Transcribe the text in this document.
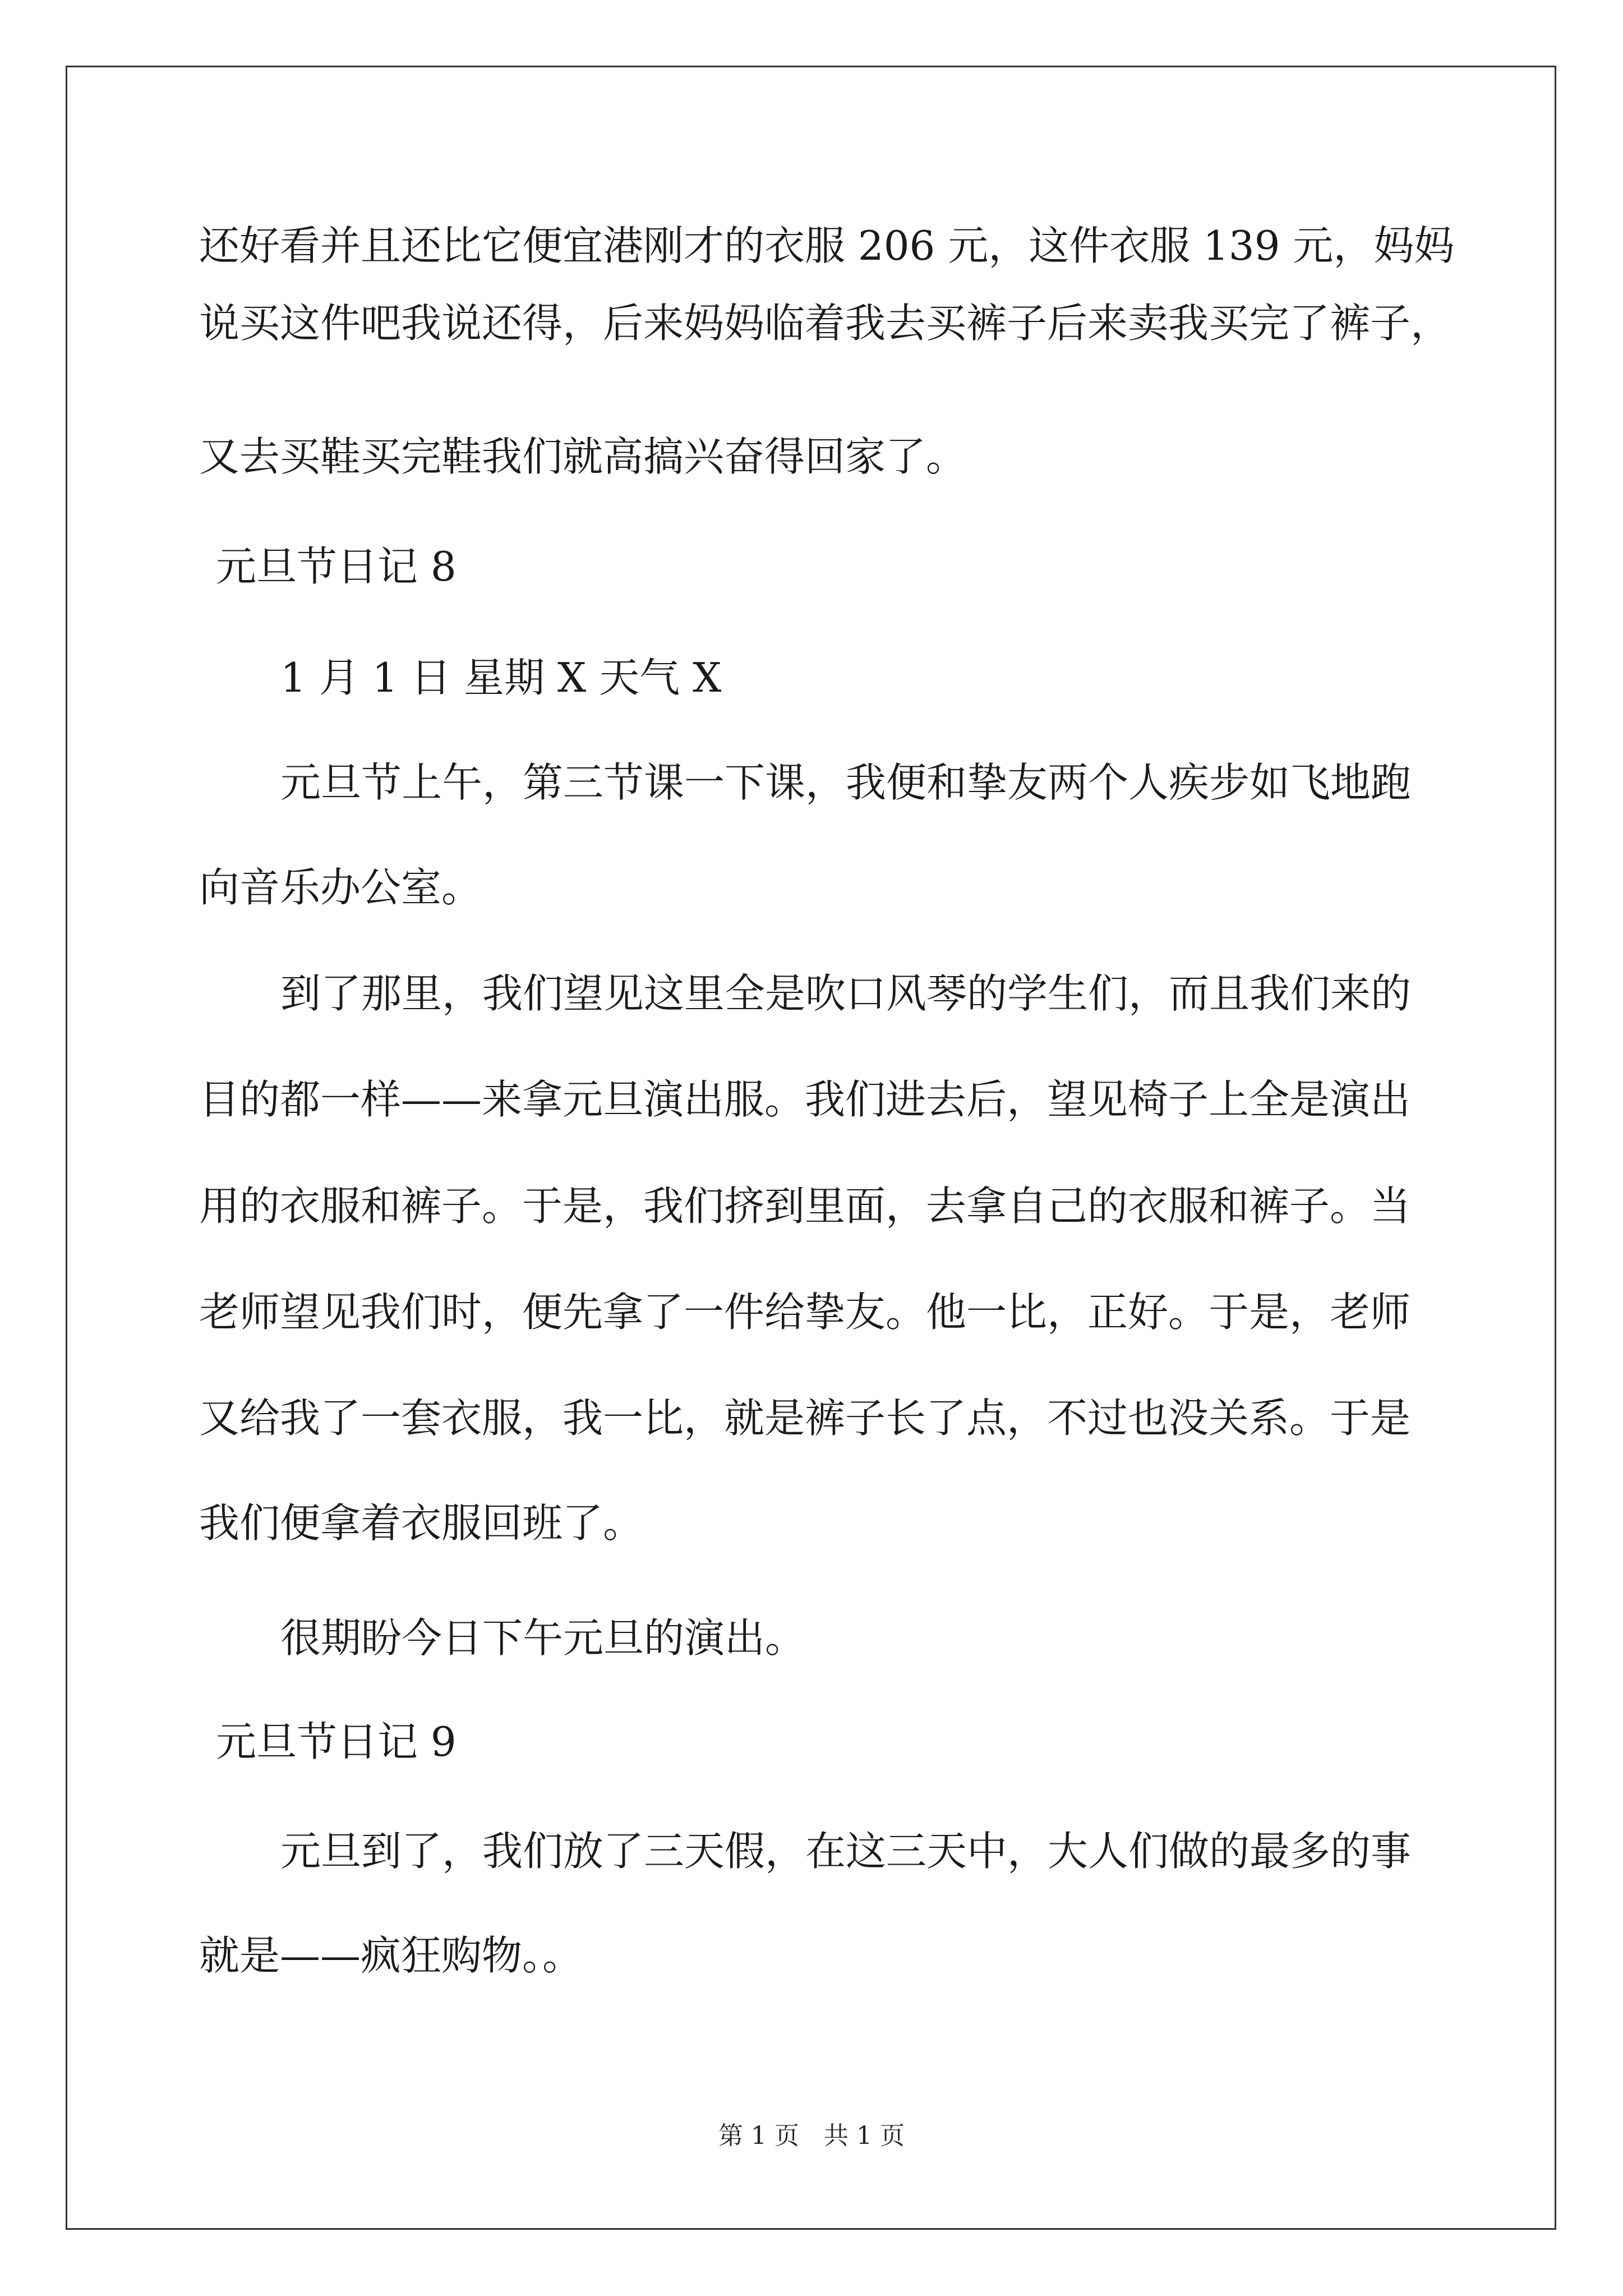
还好看并且还比它便宜港刚才的衣服 206 元，这件衣服 139 元，妈妈

说买这件吧我说还得，后来妈妈临着我去买裤子后来卖我买完了裤子，

又去买鞋买完鞋我们就高搞兴奋得回家了。

元旦节日记 8

1 月 1 日 星期 X 天气 X

元旦节上午，第三节课一下课，我便和挚友两个人疾步如飞地跑

向音乐办公室。

到了那里，我们望见这里全是吹口风琴的学生们，而且我们来的

目的都一样——来拿元旦演出服。我们进去后，望见椅子上全是演出

用的衣服和裤子。于是，我们挤到里面，去拿自己的衣服和裤子。当

老师望见我们时，便先拿了一件给挚友。他一比，正好。于是，老师

又给我了一套衣服，我一比，就是裤子长了点，不过也没关系。于是

我们便拿着衣服回班了。

很期盼今日下午元旦的演出。

元旦节日记 9

元旦到了，我们放了三天假，在这三天中，大人们做的最多的事

就是——疯狂购物。。

第 1 页　共 1 页
